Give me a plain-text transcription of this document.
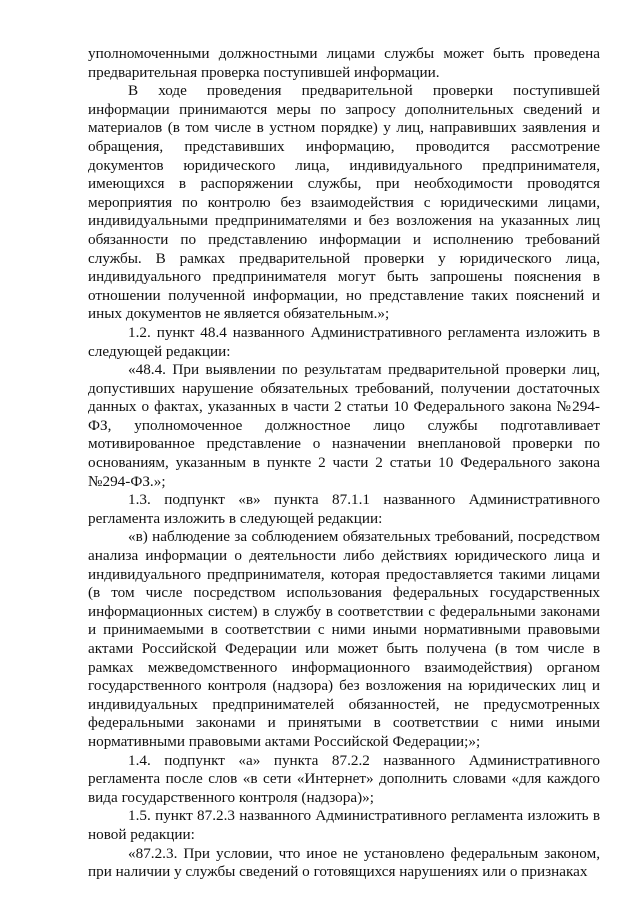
уполномоченными должностными лицами службы может быть проведена предварительная проверка поступившей информации.

В ходе проведения предварительной проверки поступившей информации принимаются меры по запросу дополнительных сведений и материалов (в том числе в устном порядке) у лиц, направивших заявления и обращения, представивших информацию, проводится рассмотрение документов юридического лица, индивидуального предпринимателя, имеющихся в распоряжении службы, при необходимости проводятся мероприятия по контролю без взаимодействия с юридическими лицами, индивидуальными предпринимателями и без возложения на указанных лиц обязанности по представлению информации и исполнению требований службы. В рамках предварительной проверки у юридического лица, индивидуального предпринимателя могут быть запрошены пояснения в отношении полученной информации, но представление таких пояснений и иных документов не является обязательным.»;

1.2. пункт 48.4 названного Административного регламента изложить в следующей редакции:

«48.4. При выявлении по результатам предварительной проверки лиц, допустивших нарушение обязательных требований, получении достаточных данных о фактах, указанных в части 2 статьи 10 Федерального закона №294-ФЗ, уполномоченное должностное лицо службы подготавливает мотивированное представление о назначении внеплановой проверки по основаниям, указанным в пункте 2 части 2 статьи 10 Федерального закона №294-ФЗ.»;

1.3. подпункт «в» пункта 87.1.1 названного Административного регламента изложить в следующей редакции:

«в) наблюдение за соблюдением обязательных требований, посредством анализа информации о деятельности либо действиях юридического лица и индивидуального предпринимателя, которая предоставляется такими лицами (в том числе посредством использования федеральных государственных информационных систем) в службу в соответствии с федеральными законами и принимаемыми в соответствии с ними иными нормативными правовыми актами Российской Федерации или может быть получена (в том числе в рамках межведомственного информационного взаимодействия) органом государственного контроля (надзора) без возложения на юридических лиц и индивидуальных предпринимателей обязанностей, не предусмотренных федеральными законами и принятыми в соответствии с ними иными нормативными правовыми актами Российской Федерации;»;

1.4. подпункт «а» пункта 87.2.2 названного Административного регламента после слов «в сети «Интернет» дополнить словами «для каждого вида государственного контроля (надзора)»;

1.5. пункт 87.2.3 названного Административного регламента изложить в новой редакции:

«87.2.3. При условии, что иное не установлено федеральным законом, при наличии у службы сведений о готовящихся нарушениях или о признаках
